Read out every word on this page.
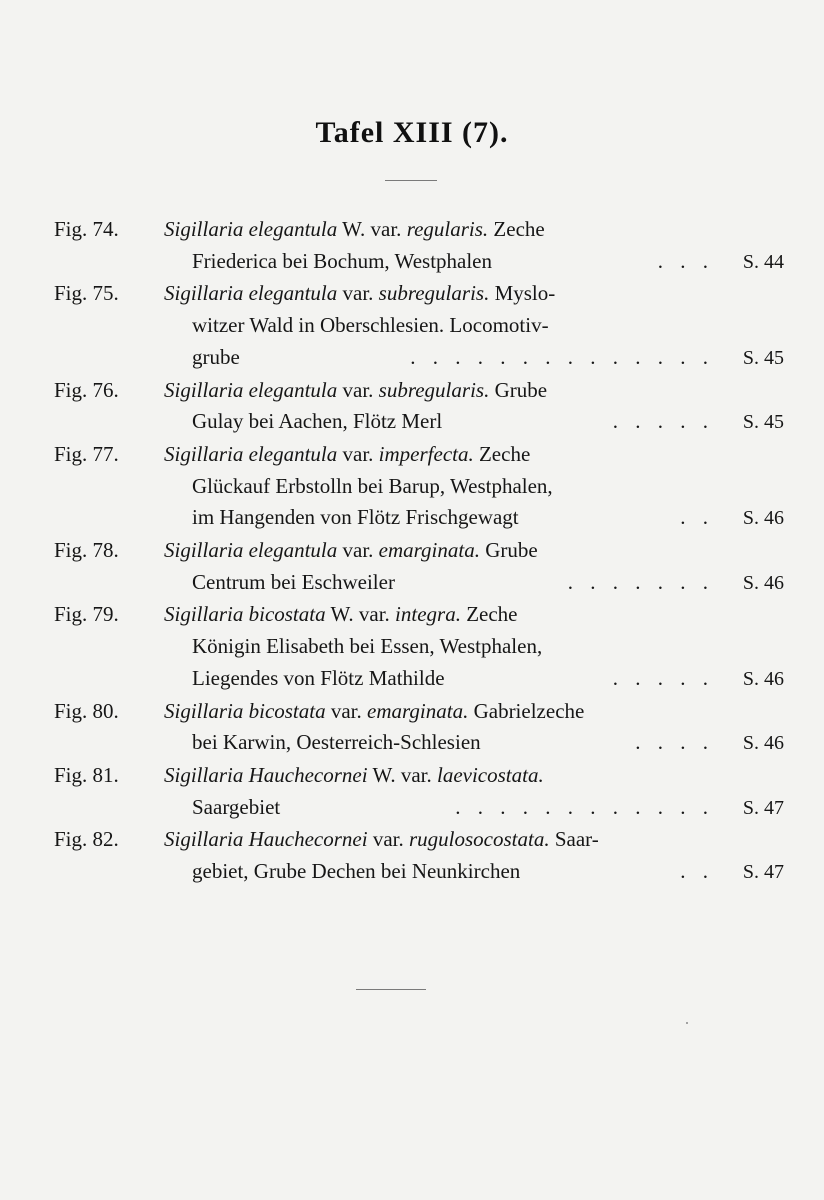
Tafel XIII (7).
Fig. 74.	Sigillaria elegantula W. var. regularis. Zeche
Friederica bei Bochum, Westphalen	. . .	S. 44
Fig. 75.	Sigillaria elegantula var. subregularis. Myslo-
witzer Wald in Oberschlesien. Locomotiv-
grube	. . . . . . . . . . . . . .	S. 45
Fig. 76.	Sigillaria elegantula var. subregularis. Grube
Gulay bei Aachen, Flötz Merl	. . . . .	S. 45
Fig. 77.	Sigillaria elegantula var. imperfecta. Zeche
Glückauf Erbstolln bei Barup, Westphalen,
im Hangenden von Flötz Frischgewagt	. .	S. 46
Fig. 78.	Sigillaria elegantula var. emarginata. Grube
Centrum bei Eschweiler	. . . . . . .	S. 46
Fig. 79.	Sigillaria bicostata W. var. integra. Zeche
Königin Elisabeth bei Essen, Westphalen,
Liegendes von Flötz Mathilde	. . . . .	S. 46
Fig. 80.	Sigillaria bicostata var. emarginata. Gabrielzeche
bei Karwin, Oesterreich-Schlesien	. . . .	S. 46
Fig. 81.	Sigillaria Hauchecornei W. var. laevicostata.
Saargebiet	. . . . . . . . . . . .	S. 47
Fig. 82.	Sigillaria Hauchecornei var. rugulosocostata. Saar-
gebiet, Grube Dechen bei Neunkirchen	. .	S. 47
